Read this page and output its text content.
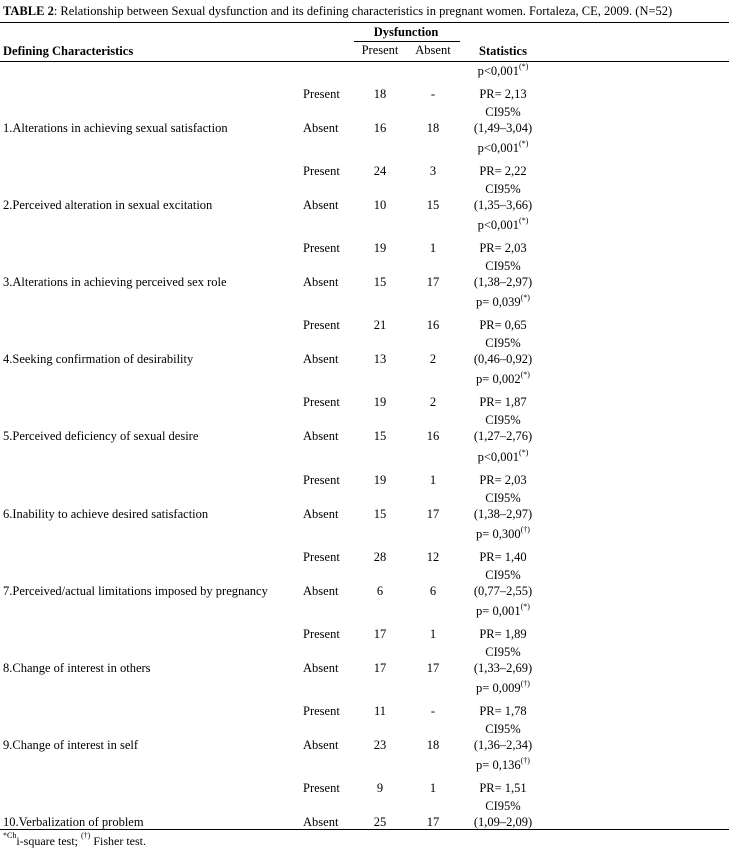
TABLE 2: Relationship between Sexual dysfunction and its defining characteristics in pregnant women. Fortaleza, CE, 2009. (N=52)
Dysfunction
Defining Characteristics	Present	Absent	Statistics
p<0,001(*)
Present	18	-	PR= 2,13
CI95%
1.Alterations in achieving sexual satisfaction	Absent	16	18	(1,49–3,04)
p<0,001(*)
Present	24	3	PR= 2,22
CI95%
2.Perceived alteration in sexual excitation	Absent	10	15	(1,35–3,66)
p<0,001(*)
Present	19	1	PR= 2,03
CI95%
3.Alterations in achieving perceived sex role	Absent	15	17	(1,38–2,97)
p= 0,039(*)
Present	21	16	PR= 0,65
CI95%
4.Seeking confirmation of desirability	Absent	13	2	(0,46–0,92)
p= 0,002(*)
Present	19	2	PR= 1,87
CI95%
5.Perceived deficiency of sexual desire	Absent	15	16	(1,27–2,76)
p<0,001(*)
Present	19	1	PR= 2,03
CI95%
6.Inability to achieve desired satisfaction	Absent	15	17	(1,38–2,97)
p= 0,300(†)
Present	28	12	PR= 1,40
CI95%
7.Perceived/actual limitations imposed by pregnancy	Absent	6	6	(0,77–2,55)
p= 0,001(*)
Present	17	1	PR= 1,89
CI95%
8.Change of interest in others	Absent	17	17	(1,33–2,69)
p= 0,009(†)
Present	11	-	PR= 1,78
CI95%
9.Change of interest in self	Absent	23	18	(1,36–2,34)
p= 0,136(†)
Present	9	1	PR= 1,51
CI95%
10.Verbalization of problem	Absent	25	17	(1,09–2,09)
$^{*Ch}$i-square test; (†) Fisher test.
